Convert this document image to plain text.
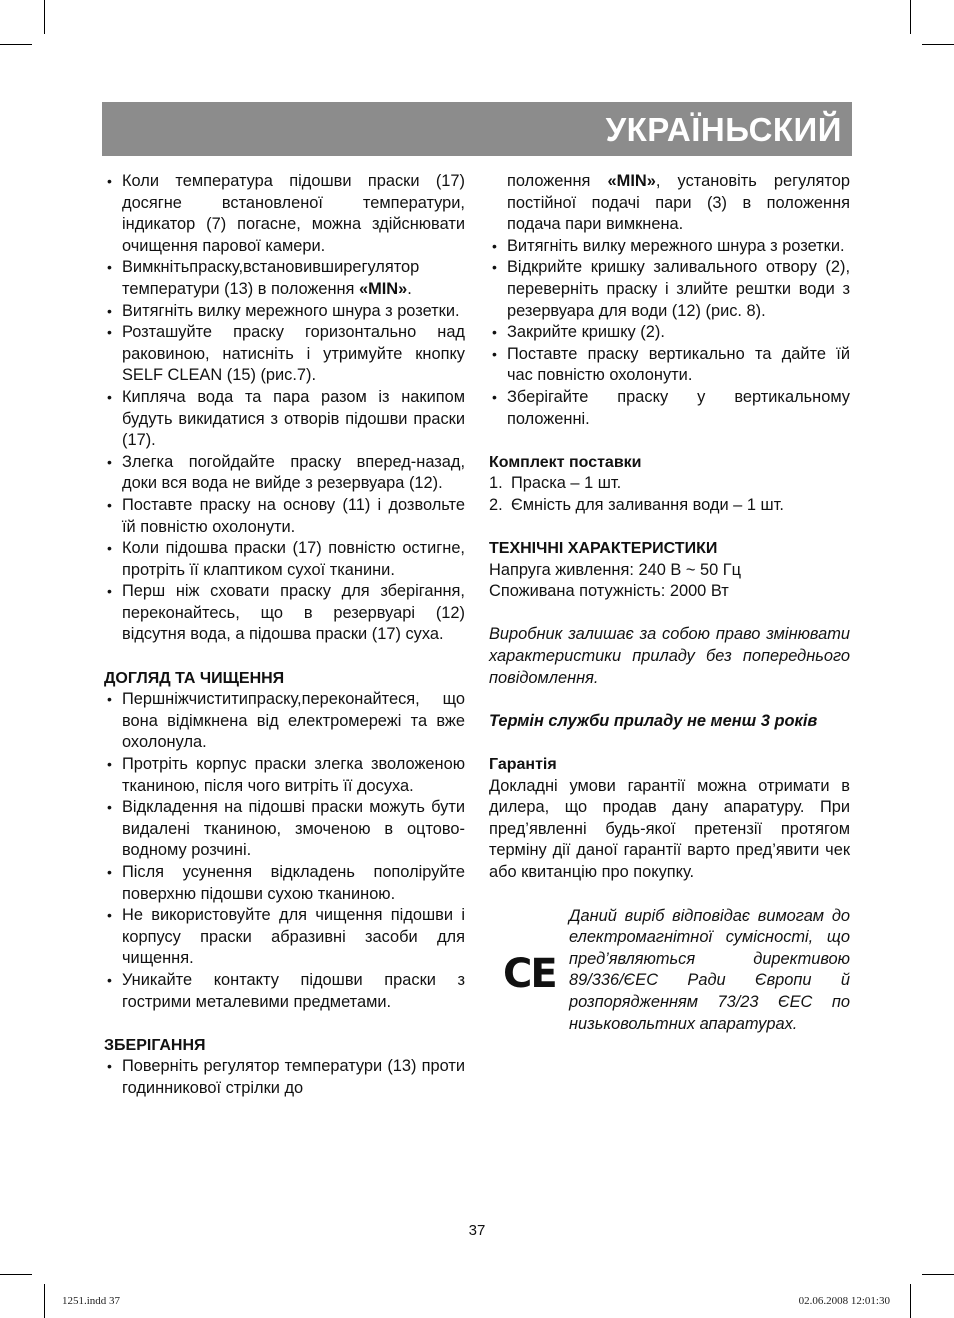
УКРАЇНЬСКИЙ
• Коли температура підошви праски (17) досягне встановленої температури, індикатор (7) погасне, можна здійснювати очищення парової камери.
• Вимкнітьпраску,встановивширегулятор температури (13) в положення «MIN».
• Витягніть вилку мережного шнура з розетки.
• Розташуйте праску горизонтально над раковиною, натисніть і утримуйте кнопку SELF CLEAN (15) (рис.7).
• Кипляча вода та пара разом із накипом будуть викидатися з отворів підошви праски (17).
• Злегка погойдайте праску вперед-назад, доки вся вода не вийде з резервуара (12).
• Поставте праску на основу (11) і дозвольте їй повністю охолонути.
• Коли підошва праски (17) повністю остигне, протріть її клаптиком сухої тканини.
• Перш ніж сховати праску для зберігання, переконайтесь, що в резервуарі (12) відсутня вода, а підошва праски (17) суха.
ДОГЛЯД ТА ЧИЩЕННЯ
• Першніжчиститипраску,переконайтеся, що вона відімкнена від електромережі та вже охолонула.
• Протріть корпус праски злегка зволоженою тканиною, після чого витріть її досуха.
• Відкладення на підошві праски можуть бути видалені тканиною, змоченою в оцтово-водному розчині.
• Після усунення відкладень пополіруйте поверхню підошви сухою тканиною.
• Не використовуйте для чищення підошви і корпусу праски абразивні засоби для чищення.
• Уникайте контакту підошви праски з гострими металевими предметами.
ЗБЕРІГАННЯ
• Поверніть регулятор температури (13) проти годинникової стрілки до

положення «MIN», установіть регулятор постійної подачі пари (3) в положення подача пари вимкнена.

• Витягніть вилку мережного шнура з розетки.
• Відкрийте кришку заливального отвору (2), переверніть праску і злийте рештки води з резервуара для води (12) (рис. 8).
• Закрийте кришку (2).
• Поставте праску вертикально та дайте їй час повністю охолонути.
• Зберігайте праску у вертикальному положенні.
Комплект поставки
1. Праска – 1 шт.
2. Ємність для заливання води – 1 шт.
ТЕХНІЧНІ ХАРАКТЕРИСТИКИ

Напруга живлення: 240 В ~ 50 Гц

Споживана потужність: 2000 Вт

Виробник залишає за собою право змінювати характеристики приладу без попереднього повідомлення.

Термін служби приладу не менш 3 років

Гарантія

Докладні умови гарантії можна отримати в дилера, що продав дану апаратуру. При пред’явленні будь-якої претензії протягом терміну дії даної гарантії варто пред’явити чек або квитанцію про покупку.

CE

Даний виріб відповідає вимогам до електромагнітної сумісності, що пред’являються директивою 89/336/ЄЕС Ради Європи й розпорядженням 73/23 ЄЕС по низьковольтних апаратурах.

37
1251.indd 37	02.06.2008 12:01:30
